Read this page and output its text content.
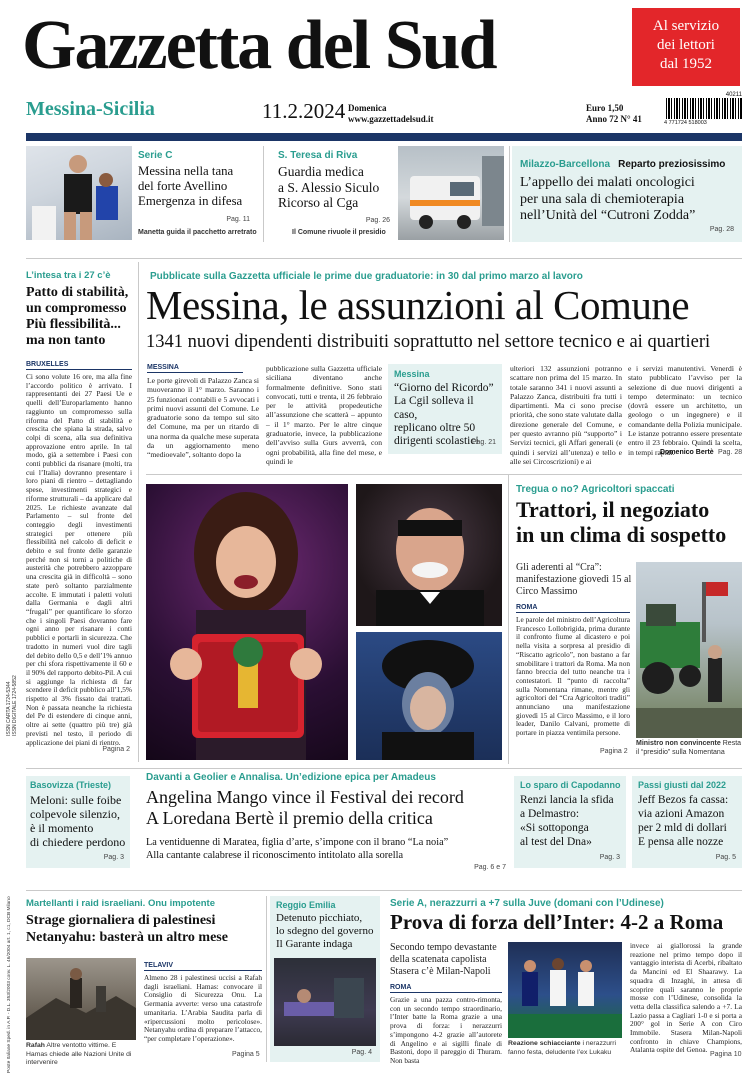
Gazzetta del Sud	Al servizio
dei lettori
dal 1952
Messina-Sicilia	11.2.2024 Domenica
www.gazzettadelsud.it
Euro 1,50
Anno 72 N° 41
40211
4 771724 518003
Serie C
Messina nella tana
del forte Avellino
Emergenza in difesa
Pag. 11
Manetta guida il pacchetto arretrato
S. Teresa di Riva
Guardia medica
a S. Alessio Siculo
Ricorso al Cga
Pag. 26
Il Comune rivuole il presidio
Milazzo-Barcellona Reparto preziosissimo
L’appello dei malati oncologici
per una sala di chemioterapia
nell’Unità del “Cutroni Zodda”
Pag. 28
L’intesa tra i 27 c’è
Patto di stabilità,
un compromesso
Più flessibilità...
ma non tanto
BRUXELLES
Ci sono volute 16 ore, ma alla fine l’accordo politico è arrivato. I rappresentanti dei 27 Paesi Ue e quelli dell’Europarlamento hanno raggiunto un compromesso sulla riforma del Patto di stabilità e crescita che spiana la strada, salvo colpi di scena, alla sua definitiva approvazione entro aprile. In tal modo, già a settembre i Paesi con conti pubblici da risanare (molti, tra cui l’Italia) dovranno presentare i loro piani di rientro – dettagliando spese, investimenti strategici e riforme strutturali – da applicare dal 2025. Le richieste avanzate dal Parlamento – sul fronte del conteggio degli investimenti strategici per ottenere più flessibilità nel calcolo di deficit e debito e sul fronte delle garanzie perché non si torni a politiche di austerità che potrebbero azzoppare una crescita già in difficoltà – sono state però soltanto parzialmente accolte. E immutati i paletti voluti dalla Germania e dagli altri “frugali” per quantificare lo sforzo che i singoli Paesi dovranno fare ogni anno per risanare i conti pubblici e portarli in sicurezza. Che tradotto in numeri vuol dire tagli del debito dello 0,5 e dell’1% annuo per chi sfora rispettivamente il 60 e il 90% del rapporto debito-Pil. A cui si aggiunge la richiesta di far scendere il deficit pubblico all’1,5% rispetto al 3% fissato dai trattati. Non è passata neanche la richiesta del Pe di estendere di cinque anni, oltre ai sette (quattro più tre) già previsti nel testo, il periodo di applicazione dei piani di rientro.
Pagina 2
Pubblicate sulla Gazzetta ufficiale le prime due graduatorie: in 30 dal primo marzo al lavoro
Messina, le assunzioni al Comune
1341 nuovi dipendenti distribuiti soprattutto nel settore tecnico e ai quartieri
MESSINA
Le porte girevoli di Palazzo Zanca si muoveranno il 1° marzo. Saranno i 25 funzionari contabili e 5 avvocati i primi nuovi assunti del Comune. Le graduatorie sono da tempo sul sito del Comune, ma per un ritardo di una norma da qualche mese superata da un aggiornamento meno “medioevale”, soltanto dopo la
pubblicazione sulla Gazzetta ufficiale siciliana diventano anche formalmente definitive. Sono stati convocati, tutti e trenta, il 26 febbraio per le attività propedeutiche all’assunzione che scatterà – appunto – il 1° marzo. Per le altre cinque graduatorie, invece, la pubblicazione dell’avviso sulla Gurs avverrà, con ogni probabilità, alla fine del mese, e quindi le
Messina
“Giorno del Ricordo”
La Cgil solleva il caso,
replicano oltre 50
dirigenti scolastici
Pag. 21
ulteriori 132 assunzioni potranno scattare non prima del 15 marzo. In totale saranno 341 i nuovi assunti a Palazzo Zanca, distribuiti fra tutti i dipartimenti. Ma ci sono precise priorità, che sono state valutate dalla direzione generale del Comune, e per questo avranno più “supporto” i Servizi tecnici, gli Affari generali (e quindi i servizi all’utenza) e tello e alle sei Circoscrizioni) e ai
e i servizi manutentivi. Venerdì è stato pubblicato l’avviso per la selezione di due nuovi dirigenti a tempo determinato: un tecnico (dovrà essere un architetto, un geologo o un ingegnere) e il comandante della Polizia municipale. Le istanze potranno essere presentate entro il 23 febbraio. Quindi la scelta, in tempi rapidi.
Domenico Bertè Pag. 28
Tregua o no? Agricoltori spaccati
Trattori, il negoziato
in un clima di sospetto
Gli aderenti al “Cra”: manifestazione giovedì 15 al Circo Massimo
ROMA
Le parole del ministro dell’Agricoltura Francesco Lollobrigida, prima durante il confronto fiume al dicastero e poi nella visita a sorpresa al presidio di “Riscatto agricolo”, non bastano a far smobilitare i trattori da Roma. Ma non fanno breccia del tutto neanche tra i contestatori. Il “punto di raccolta” sulla Nomentana rimane, mentre gli agricoltori del “Cra Agricoltori traditi” annunciano una manifestazione giovedì 15 al Circo Massimo, e il loro leader, Danilo Calvani, promette di portare in piazza ventimila persone.
Pagina 2
Ministro non convincente Resta il “presidio” sulla Nomentana
Basovizza (Trieste)
Meloni: sulle foibe
colpevole silenzio,
è il momento
di chiedere perdono
Pag. 3
Davanti a Geolier e Annalisa. Un’edizione epica per Amadeus
Angelina Mango vince il Festival dei record
A Loredana Bertè il premio della critica
La ventiduenne di Maratea, figlia d’arte, s’impone con il brano “La noia”
Alla cantante calabrese il riconoscimento intitolato alla sorella
Pag. 6 e 7
Lo sparo di Capodanno
Renzi lancia la sfida
a Delmastro:
«Si sottoponga
al test del Dna»
Pag. 3
Passi giusti dal 2022
Jeff Bezos fa cassa:
via azioni Amazon
per 2 mld di dollari
E pensa alle nozze
Pag. 5
Martellanti i raid israeliani. Onu impotente
Strage giornaliera di palestinesi
Netanyahu: basterà un altro mese
Rafah Altre ventotto vittime. E Hamas chiede alle Nazioni Unite di intervenire
TELAVIV
Almeno 28 i palestinesi uccisi a Rafah dagli israeliani. Hamas: convocare il Consiglio di Sicurezza Onu. La Germania avverte: verso una catastrofe umanitaria. L’Arabia Saudita parla di «ripercussioni molto pericolose». Netanyahu ordina di preparare l’attacco, “per completare l’operazione».
Pagina 5
Reggio Emilia
Detenuto picchiato,
lo sdegno del governo
Il Garante indaga
Pag. 4
Serie A, nerazzurri a +7 sulla Juve (domani con l’Udinese)
Prova di forza dell’Inter: 4-2 a Roma
Secondo tempo devastante della scatenata capolista Stasera c’è Milan-Napoli
ROMA
Grazie a una pazza contro-rimonta, con un secondo tempo straordinario, l’Inter batte la Roma grazie a una prova di forza: i nerazzurri s’impongono 4-2 grazie all’autorete di Angelino e ai sigilli finale di Bastoni, dopo il pareggio di Thuram. Non basta
Reazione schiacciante i nerazzurri fanno festa, deludente l’ex Lukaku
invece ai giallorossi la grande reazione nel primo tempo dopo il vantaggio interista di Acerbi, ribaltato da Mancini ed El Shaarawy. La squadra di Inzaghi, in attesa di scoprire quali saranno le proprie mosse con l’Udinese, consolida la vetta della classifica salendo a +7. La Lazio passa a Cagliari 1-0 e si porta a 200° gol in Serie A con Ciro Immobile. Stasera Milan-Napoli confronto in chiave Champions, Atalanta ospite del Genoa.
Pagina 10
ISSN CARTA 1724-5344 ISSN DIGITALE 1724-5852
Poste Italiane Sped. in A.P. - D.L. 353/2003 conv. L. 46/2004 art. 1, c1, DCB Milano
